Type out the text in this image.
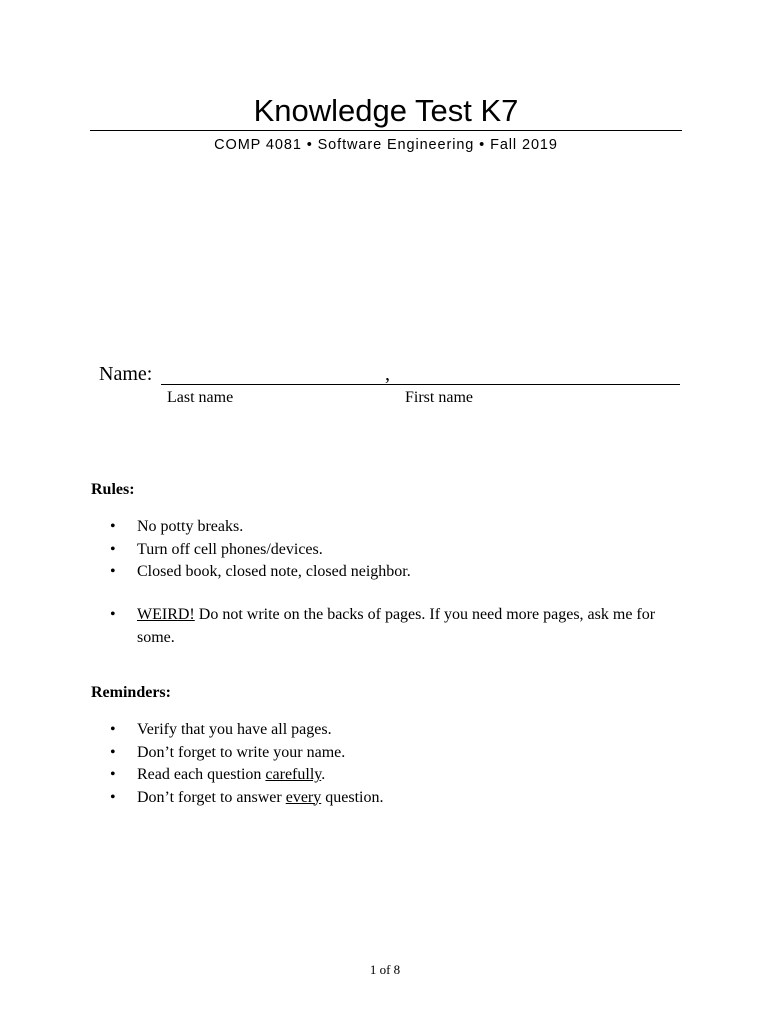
Knowledge Test K7
COMP 4081 • Software Engineering • Fall 2019
Name:	,
Last name	First name
Rules:
• No potty breaks.
• Turn off cell phones/devices.
• Closed book, closed note, closed neighbor.
• WEIRD! Do not write on the backs of pages. If you need more pages, ask me for some.
Reminders:
• Verify that you have all pages.
• Don’t forget to write your name.
• Read each question carefully.
• Don’t forget to answer every question.
1 of 8
